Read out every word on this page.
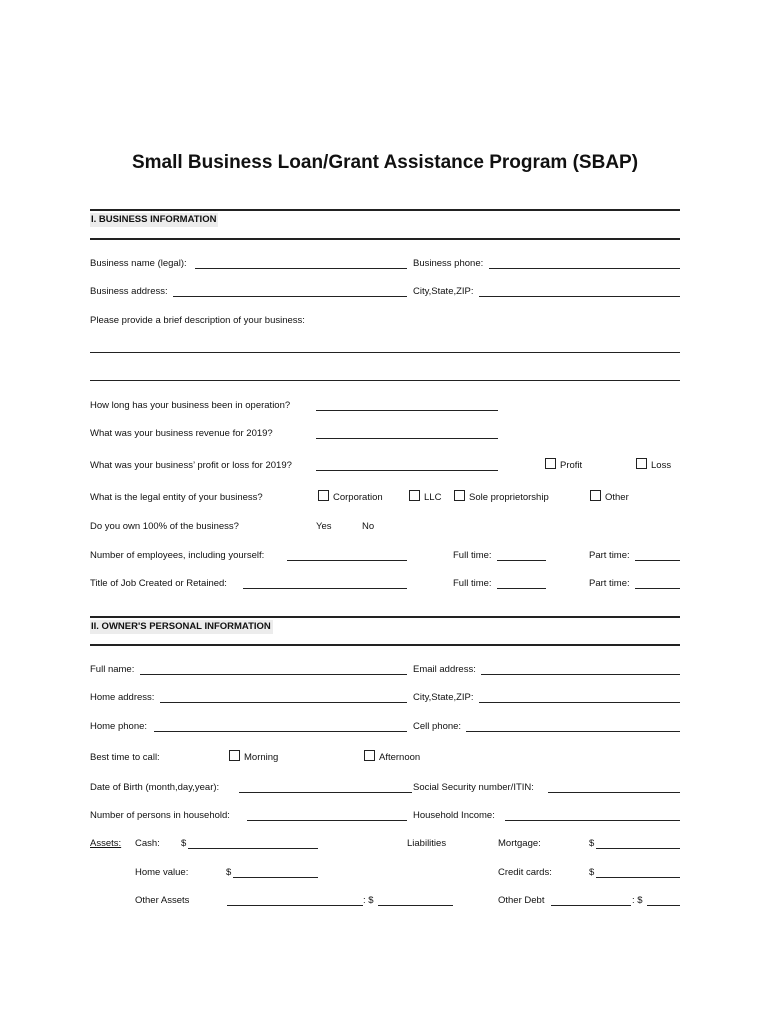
Small Business Loan/Grant Assistance Program (SBAP)
I. BUSINESS INFORMATION
Business name (legal):	Business phone:
Business address:	City,State,ZIP:
Please provide a brief description of your business:
How long has your business been in operation?
What was your business revenue for 2019?
What was your business’ profit or loss for 2019?	Profit	Loss
What is the legal entity of your business?	Corporation	LLC	Sole proprietorship	Other
Do you own 100% of the business?	Yes	No
Number of employees, including yourself:	Full time:	Part time:
Title of Job Created or Retained:	Full time:	Part time:
II. OWNER'S PERSONAL INFORMATION
Full name:	Email address:
Home address:	City,State,ZIP:
Home phone:	Cell phone:
Best time to call:	Morning	Afternoon
Date of Birth (month,day,year):	Social Security number/ITIN:
Number of persons in household:	Household Income:
Assets: Cash: $	Liabilities	Mortgage:	$
Home value:	$	Credit cards:	$
Other Assets	: $	Other Debt	: $
